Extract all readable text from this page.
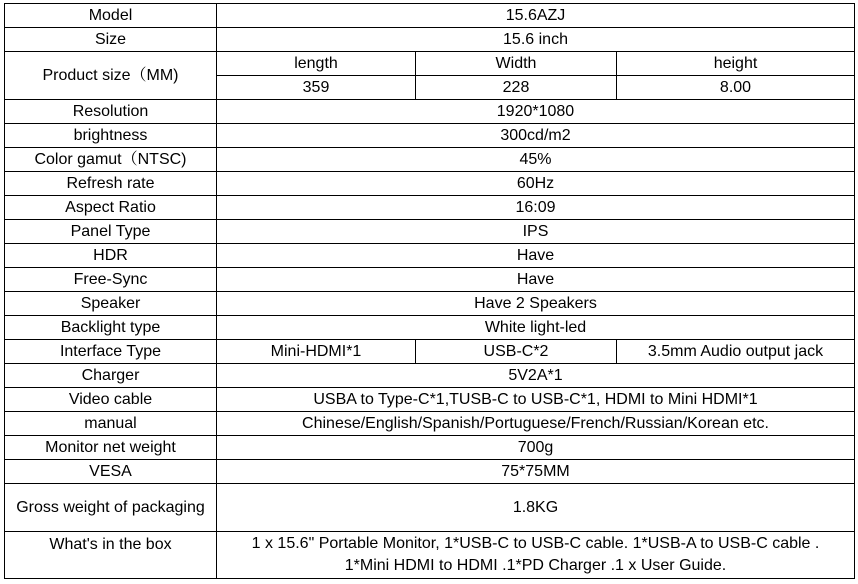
Model	15.6AZJ		
Size	15.6 inch		
Product size（MM)	length	Width	height
	359	228	8.00
Resolution	1920*1080		
brightness	300cd/m2		
Color gamut（NTSC)	45%		
Refresh rate	60Hz		
Aspect Ratio	16:09		
Panel Type	IPS		
HDR	Have		
Free-Sync	Have		
Speaker	Have 2 Speakers		
Backlight type	White light-led		
Interface Type	Mini-HDMI*1	USB-C*2	3.5mm Audio output jack
Charger	5V2A*1		
Video cable	USBA to Type-C*1,TUSB-C to USB-C*1, HDMI to Mini HDMI*1		
manual	Chinese/English/Spanish/Portuguese/French/Russian/Korean etc.		
Monitor net weight	700g		
VESA	75*75MM		
Gross weight of packaging	1.8KG		
What's in the box	1 x 15.6" Portable Monitor, 1*USB-C to USB-C cable. 1*USB-A to USB-C cable .
1*Mini HDMI to HDMI .1*PD Charger .1 x User Guide.		
